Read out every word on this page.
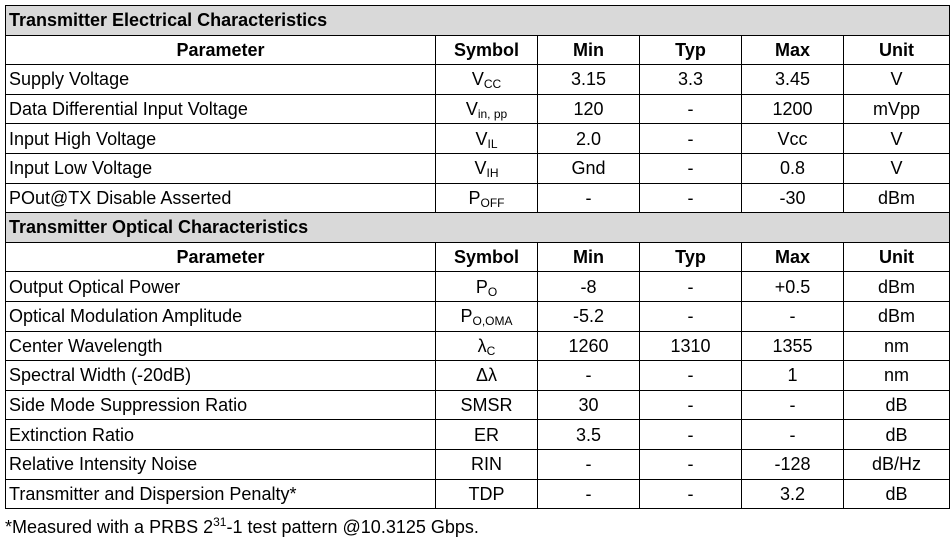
Transmitter Electrical Characteristics					
Parameter	Symbol	Min	Typ	Max	Unit
Supply Voltage	$V_{CC}$	3.15	3.3	3.45	V
Data Differential Input Voltage	$V_{in, pp}$	120	-	1200	mVpp
Input High Voltage	$V_{IL}$	2.0	-	Vcc	V
Input Low Voltage	$V_{IH}$	Gnd	-	0.8	V
POut@TX Disable Asserted	$P_{OFF}$	-	-	-30	dBm
Transmitter Optical Characteristics					
Parameter	Symbol	Min	Typ	Max	Unit
Output Optical Power	$P_O$	-8	-	+0.5	dBm
Optical Modulation Amplitude	$P_{O,OMA}$	-5.2	-	-	dBm
Center Wavelength	$\lambda_C$	1260	1310	1355	nm
Spectral Width (-20dB)	Δλ	-	-	1	nm
Side Mode Suppression Ratio	SMSR	30	-	-	dB
Extinction Ratio	ER	3.5	-	-	dB
Relative Intensity Noise	RIN	-	-	-128	dB/Hz
Transmitter and Dispersion Penalty*	TDP	-	-	3.2	dB
*Measured with a PRBS $2^{31}-1$ test pattern @10.3125 Gbps.
